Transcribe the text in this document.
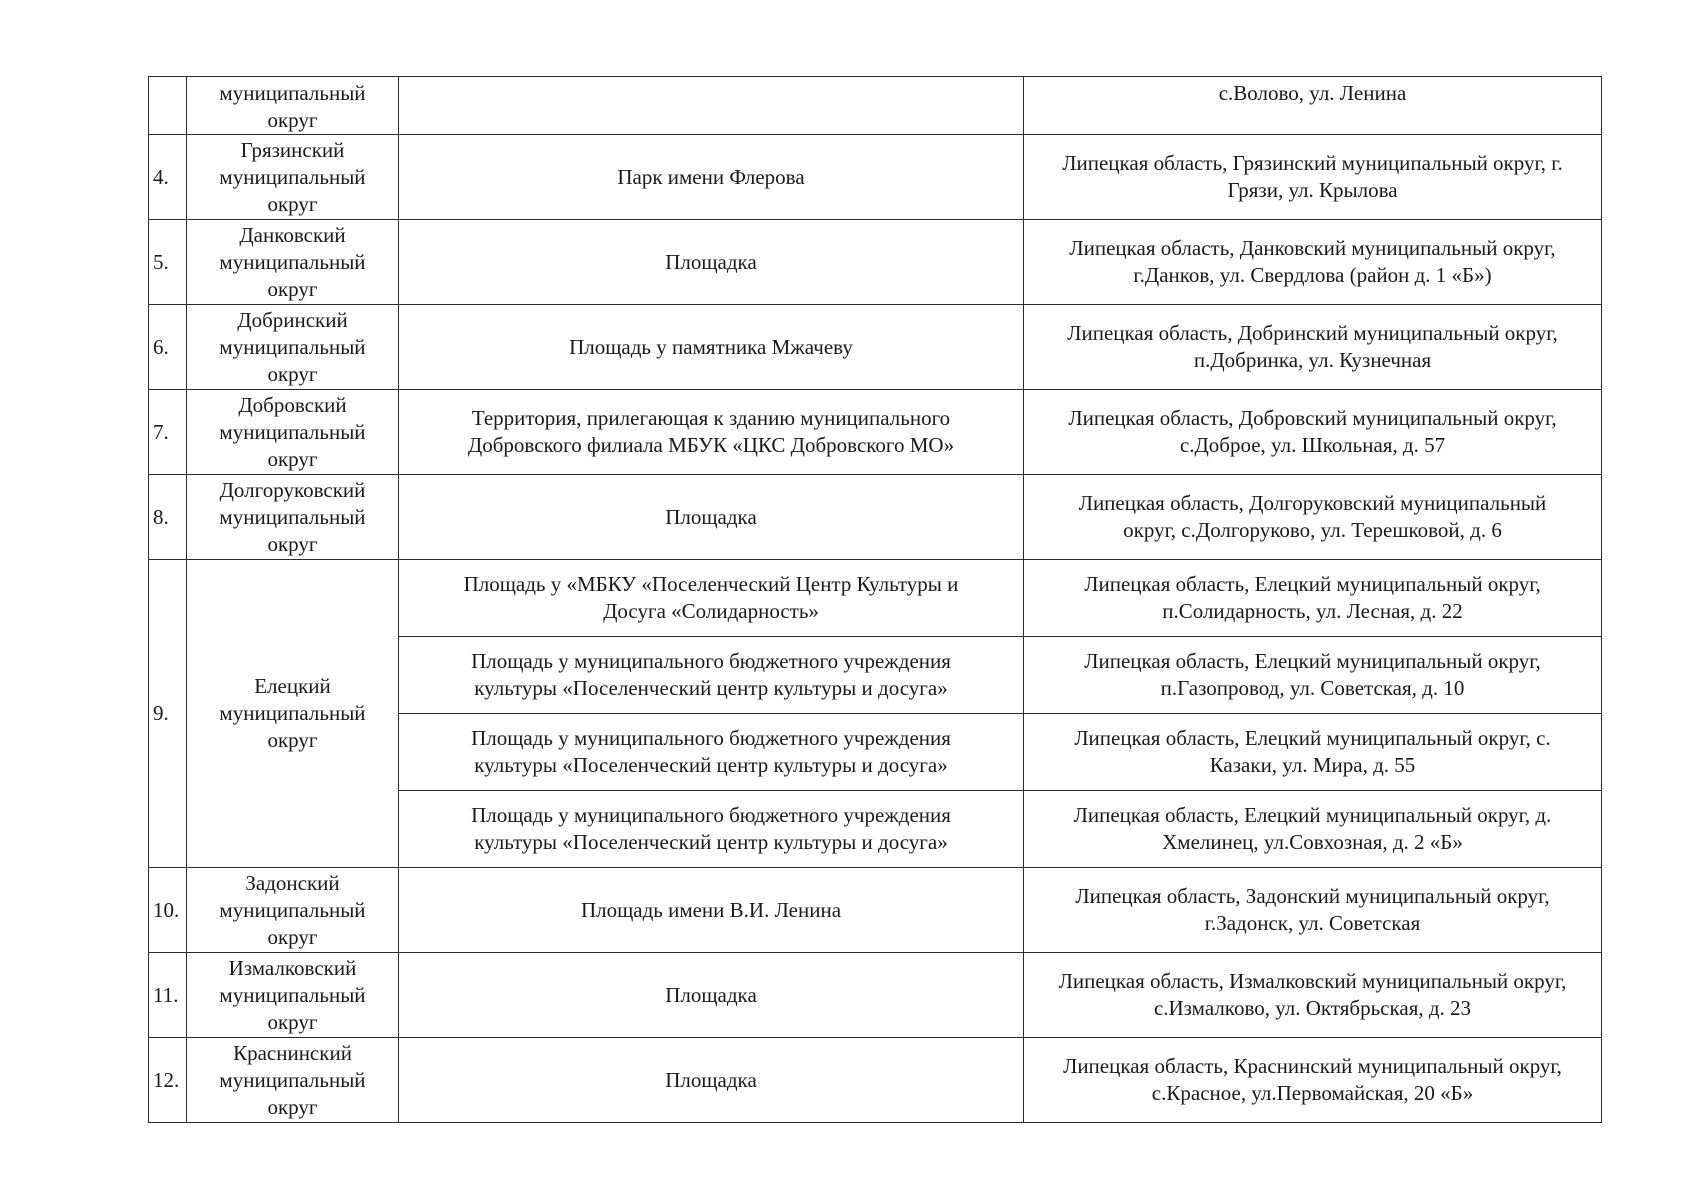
	муниципальный
округ		с.Волово, ул. Ленина
4.	Грязинский
муниципальный
округ	Парк имени Флерова	Липецкая область, Грязинский муниципальный округ, г.
Грязи, ул. Крылова
5.	Данковский
муниципальный
округ	Площадка	Липецкая область, Данковский муниципальный округ,
г.Данков, ул. Свердлова (район д. 1 «Б»)
6.	Добринский
муниципальный
округ	Площадь у памятника Мжачеву	Липецкая область, Добринский муниципальный округ,
п.Добринка, ул. Кузнечная
7.	Добровский
муниципальный
округ	Территория, прилегающая к зданию муниципального
Добровского филиала МБУК «ЦКС Добровского МО»	Липецкая область, Добровский муниципальный округ,
с.Доброе, ул. Школьная, д. 57
8.	Долгоруковский
муниципальный
округ	Площадка	Липецкая область, Долгоруковский муниципальный
округ, с.Долгоруково, ул. Терешковой, д. 6
9.	Елецкий
муниципальный
округ	Площадь у «МБКУ «Поселенческий Центр Культуры и
Досуга «Солидарность»	Липецкая область, Елецкий муниципальный округ,
п.Солидарность, ул. Лесная, д. 22
		Площадь у муниципального бюджетного учреждения
культуры «Поселенческий центр культуры и досуга»	Липецкая область, Елецкий муниципальный округ,
п.Газопровод, ул. Советская, д. 10
		Площадь у муниципального бюджетного учреждения
культуры «Поселенческий центр культуры и досуга»	Липецкая область, Елецкий муниципальный округ, с.
Казаки, ул. Мира, д. 55
		Площадь у муниципального бюджетного учреждения
культуры «Поселенческий центр культуры и досуга»	Липецкая область, Елецкий муниципальный округ, д.
Хмелинец, ул.Совхозная, д. 2 «Б»
10.	Задонский
муниципальный
округ	Площадь имени В.И. Ленина	Липецкая область, Задонский муниципальный округ,
г.Задонск, ул. Советская
11.	Измалковский
муниципальный
округ	Площадка	Липецкая область, Измалковский муниципальный округ,
с.Измалково, ул. Октябрьская, д. 23
12.	Краснинский
муниципальный
округ	Площадка	Липецкая область, Краснинский муниципальный округ,
с.Красное, ул.Первомайская, 20 «Б»
